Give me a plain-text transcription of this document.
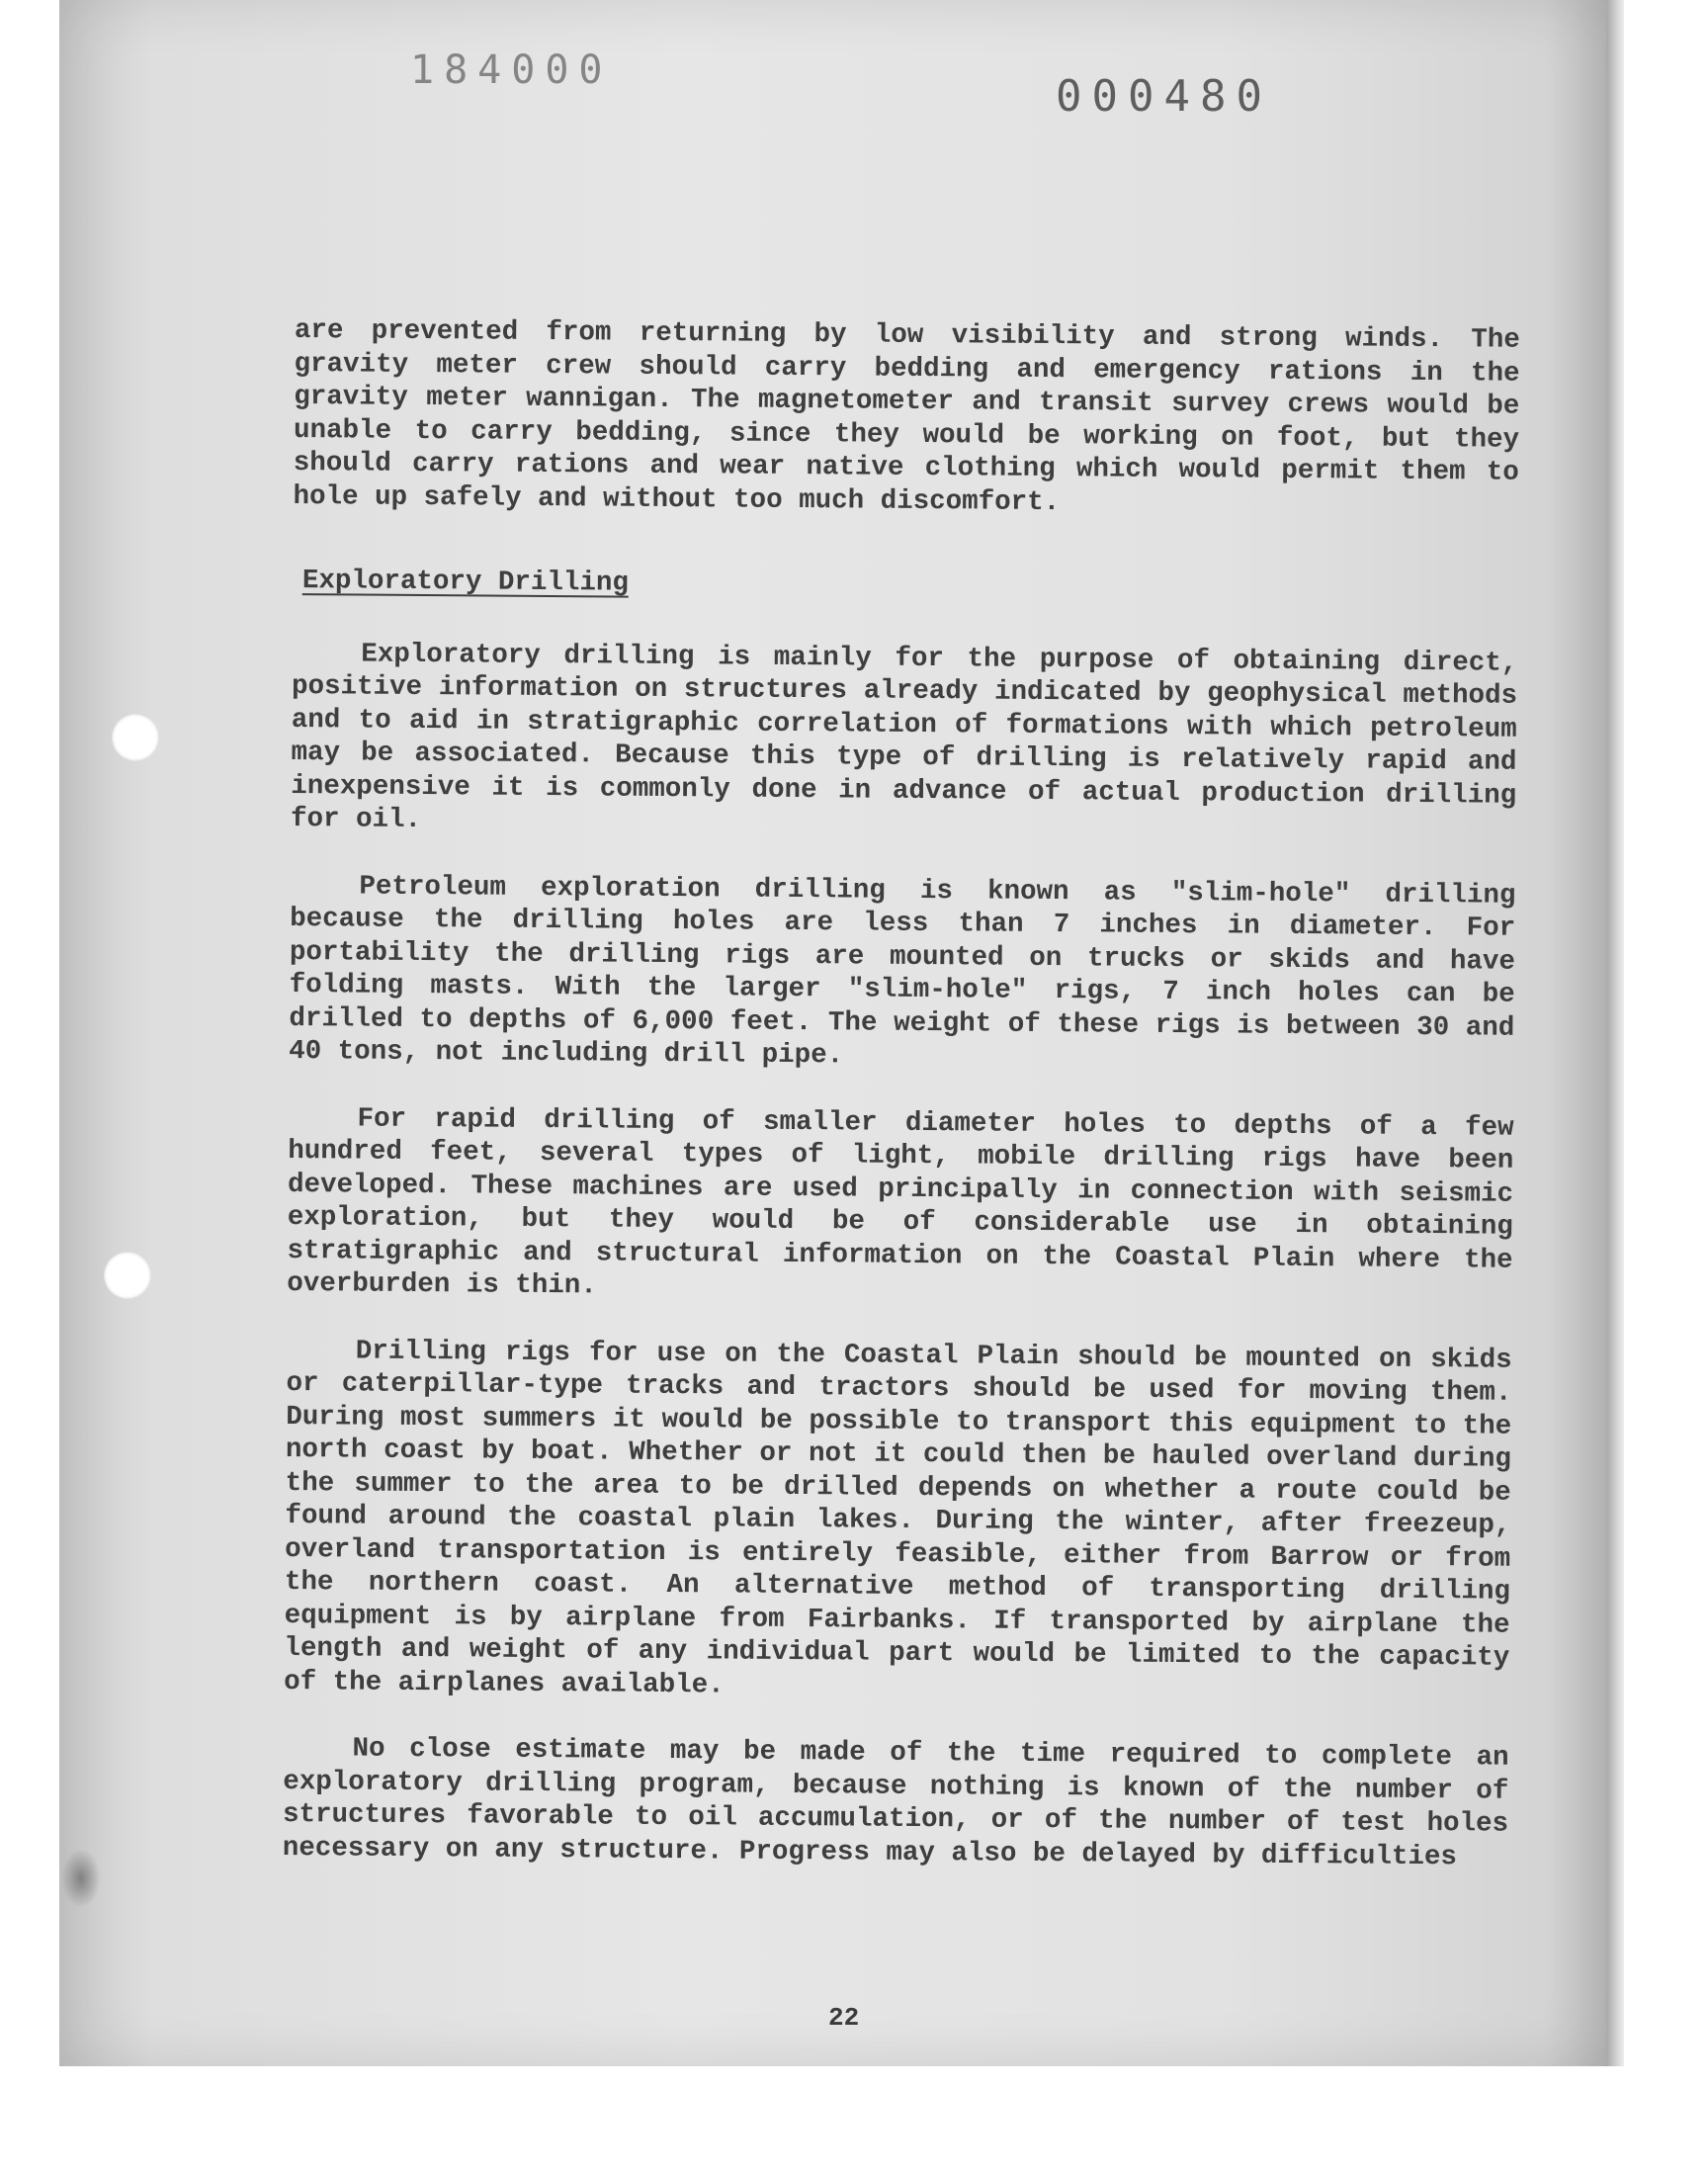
184000
000480

are prevented from returning by low visibility and strong winds. The gravity meter crew should carry bedding and emergency rations in the gravity meter wannigan. The magnetometer and transit survey crews would be unable to carry bedding, since they would be working on foot, but they should carry rations and wear native clothing which would permit them to hole up safely and without too much discomfort.

Exploratory Drilling

Exploratory drilling is mainly for the purpose of obtaining direct, positive information on structures already indicated by geophysical methods and to aid in stratigraphic correlation of formations with which petroleum may be associated. Because this type of drilling is relatively rapid and inexpensive it is commonly done in advance of actual production drilling for oil.

Petroleum exploration drilling is known as "slim-hole" drilling because the drilling holes are less than 7 inches in diameter. For portability the drilling rigs are mounted on trucks or skids and have folding masts. With the larger "slim-hole" rigs, 7 inch holes can be drilled to depths of 6,000 feet. The weight of these rigs is between 30 and 40 tons, not including drill pipe.

For rapid drilling of smaller diameter holes to depths of a few hundred feet, several types of light, mobile drilling rigs have been developed. These machines are used principally in connection with seismic exploration, but they would be of considerable use in obtaining stratigraphic and structural information on the Coastal Plain where the overburden is thin.

Drilling rigs for use on the Coastal Plain should be mounted on skids or caterpillar-type tracks and tractors should be used for moving them. During most summers it would be possible to transport this equipment to the north coast by boat. Whether or not it could then be hauled overland during the summer to the area to be drilled depends on whether a route could be found around the coastal plain lakes. During the winter, after freezeup, overland transportation is entirely feasible, either from Barrow or from the northern coast. An alternative method of transporting drilling equipment is by airplane from Fairbanks. If transported by airplane the length and weight of any individual part would be limited to the capacity of the airplanes available.

No close estimate may be made of the time required to complete an exploratory drilling program, because nothing is known of the number of structures favorable to oil accumulation, or of the number of test holes necessary on any structure. Progress may also be delayed by difficulties

22
